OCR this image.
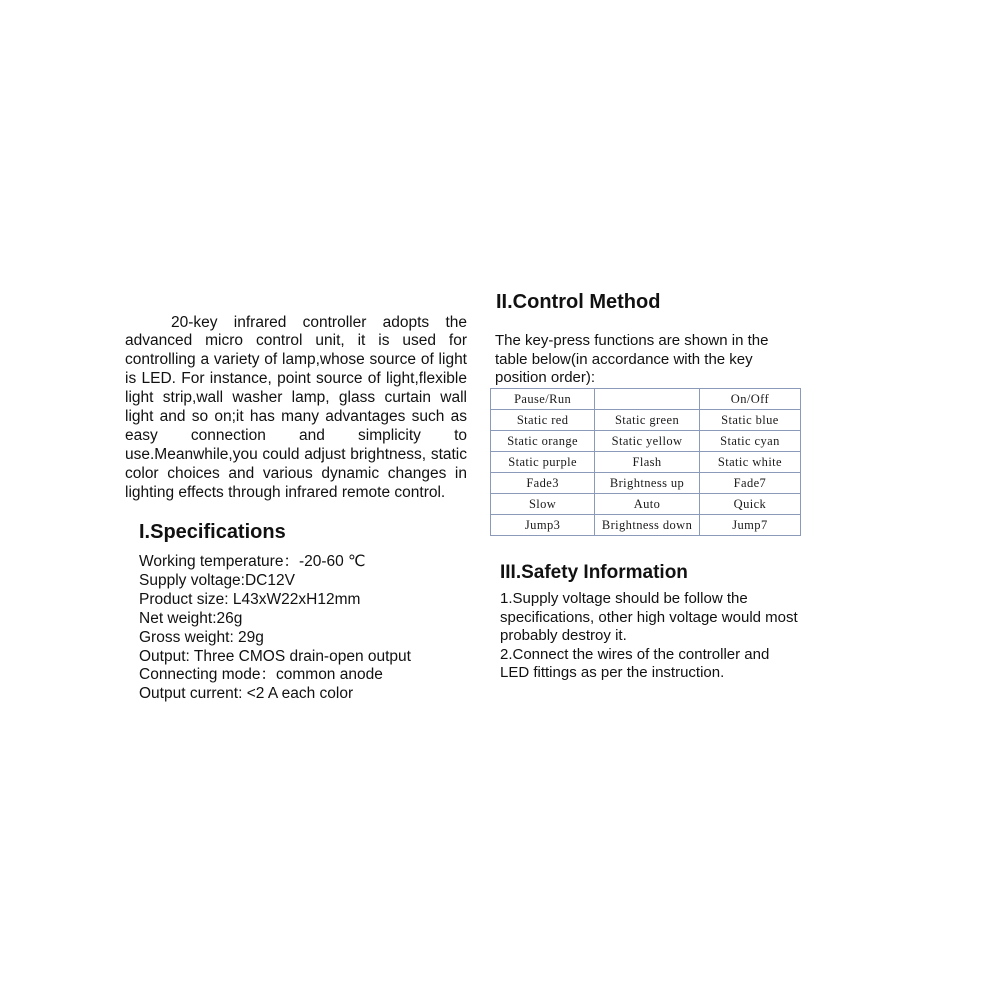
20-key infrared controller adopts the advanced micro control unit, it is used for controlling a variety of lamp,whose source of light is LED. For instance, point source of light,flexible light strip,wall washer lamp, glass curtain wall light and so on;it has many advantages such as easy connection and simplicity to use.Meanwhile,you could adjust brightness, static color choices and various dynamic changes in lighting effects through infrared remote control.

I.Specifications
Working temperature：-20-60 ℃
Supply voltage:DC12V
Product size: L43xW22xH12mm
Net weight:26g
Gross weight: 29g
Output: Three CMOS drain-open output
Connecting mode：common anode
Output current: <2 A each color
II.Control Method

The key-press functions are shown in the table below(in accordance with the key position order):

Pause/Run		On/Off
Static red	Static green	Static blue
Static orange	Static yellow	Static cyan
Static purple	Flash	Static white
Fade3	Brightness up	Fade7
Slow	Auto	Quick
Jump3	Brightness down	Jump7
III.Safety Information
1.Supply voltage should be follow the specifications, other high voltage would most probably destroy it.
2.Connect the wires of the controller and LED fittings as per the instruction.
